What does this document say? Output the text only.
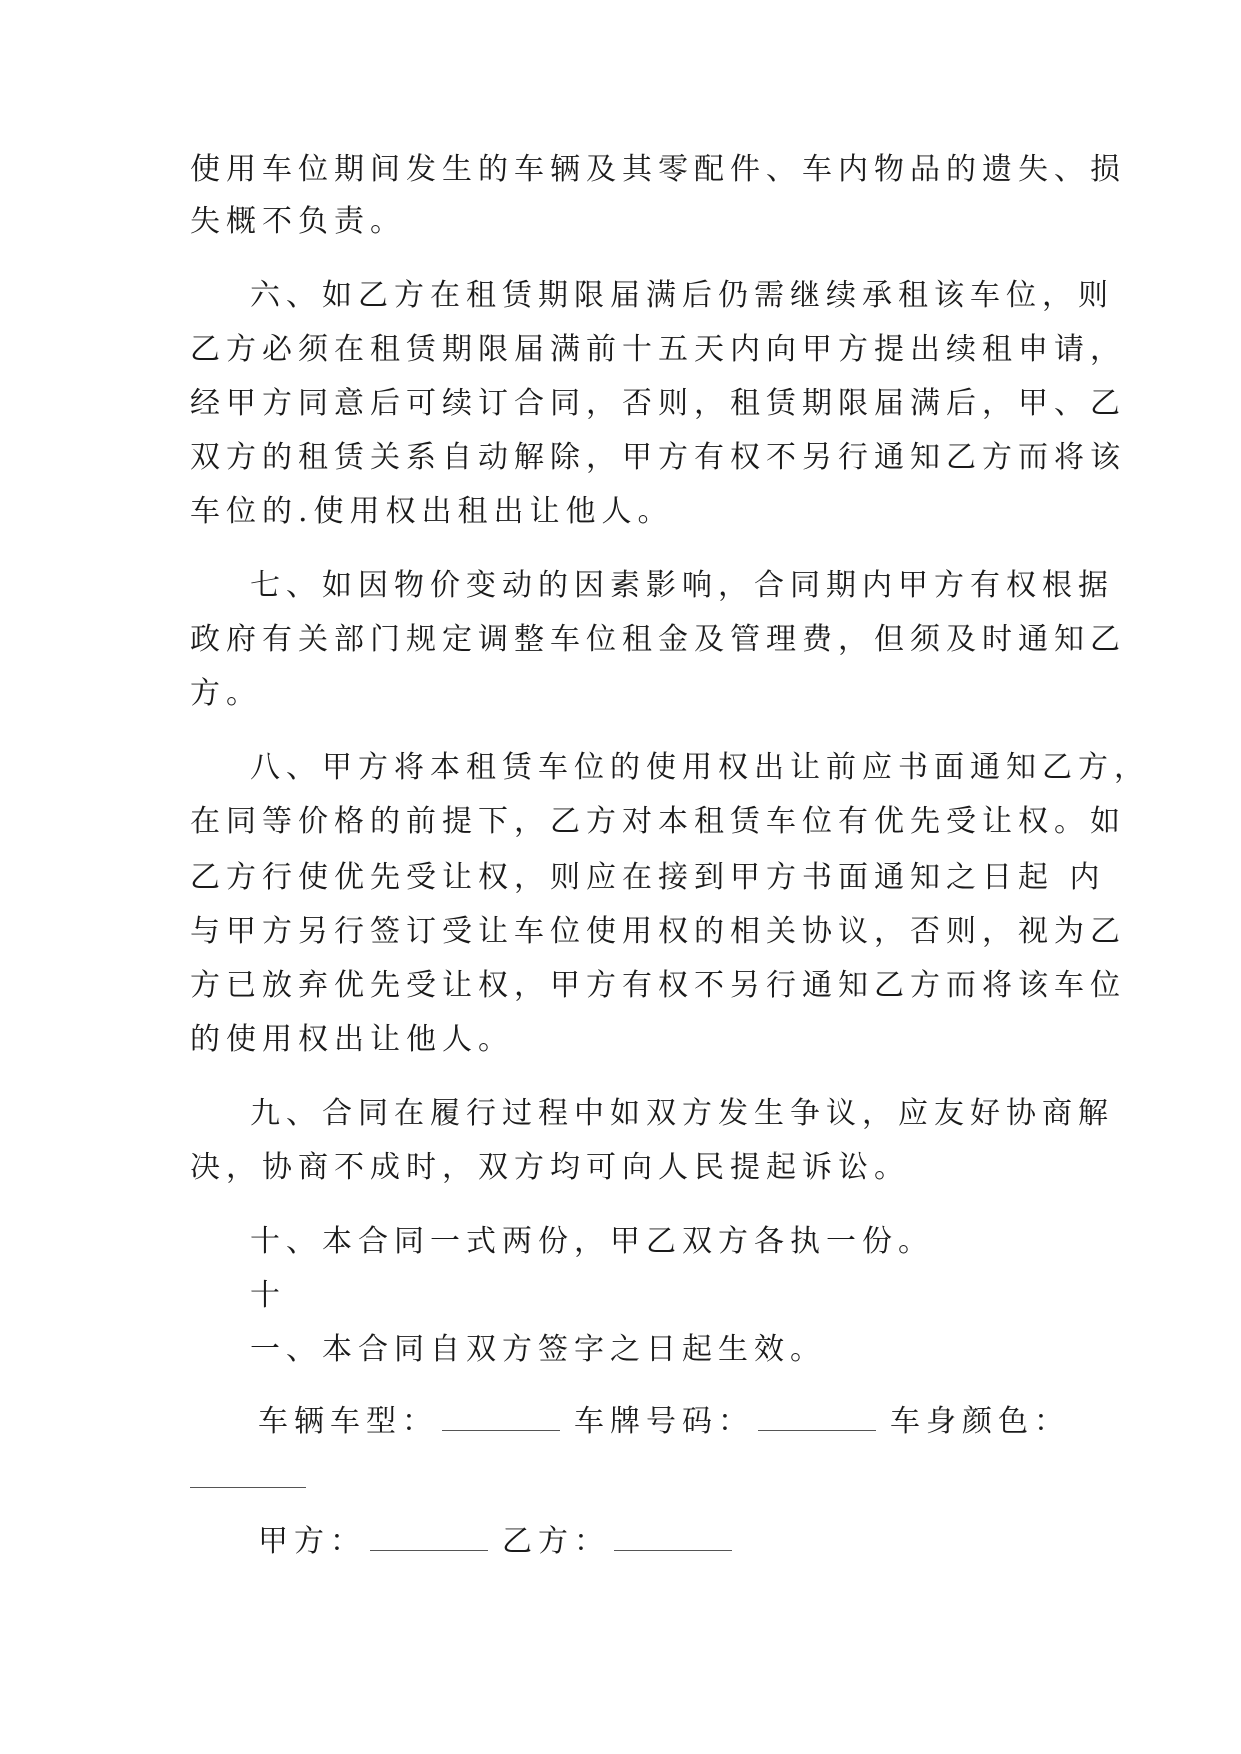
使用车位期间发生的车辆及其零配件、车内物品的遗失、损
失概不负责。
六、如乙方在租赁期限届满后仍需继续承租该车位，则
乙方必须在租赁期限届满前十五天内向甲方提出续租申请，
经甲方同意后可续订合同，否则，租赁期限届满后，甲、乙
双方的租赁关系自动解除，甲方有权不另行通知乙方而将该
车位的.使用权出租出让他人。
七、如因物价变动的因素影响，合同期内甲方有权根据
政府有关部门规定调整车位租金及管理费，但须及时通知乙
方。
八、甲方将本租赁车位的使用权出让前应书面通知乙方，
在同等价格的前提下，乙方对本租赁车位有优先受让权。如
乙方行使优先受让权，则应在接到甲方书面通知之日起 内
与甲方另行签订受让车位使用权的相关协议，否则，视为乙
方已放弃优先受让权，甲方有权不另行通知乙方而将该车位
的使用权出让他人。
九、合同在履行过程中如双方发生争议，应友好协商解
决，协商不成时，双方均可向人民提起诉讼。
十、本合同一式两份，甲乙双方各执一份。
十
一、本合同自双方签字之日起生效。
车辆车型：	车牌号码：	车身颜色：
甲方：	乙方：
